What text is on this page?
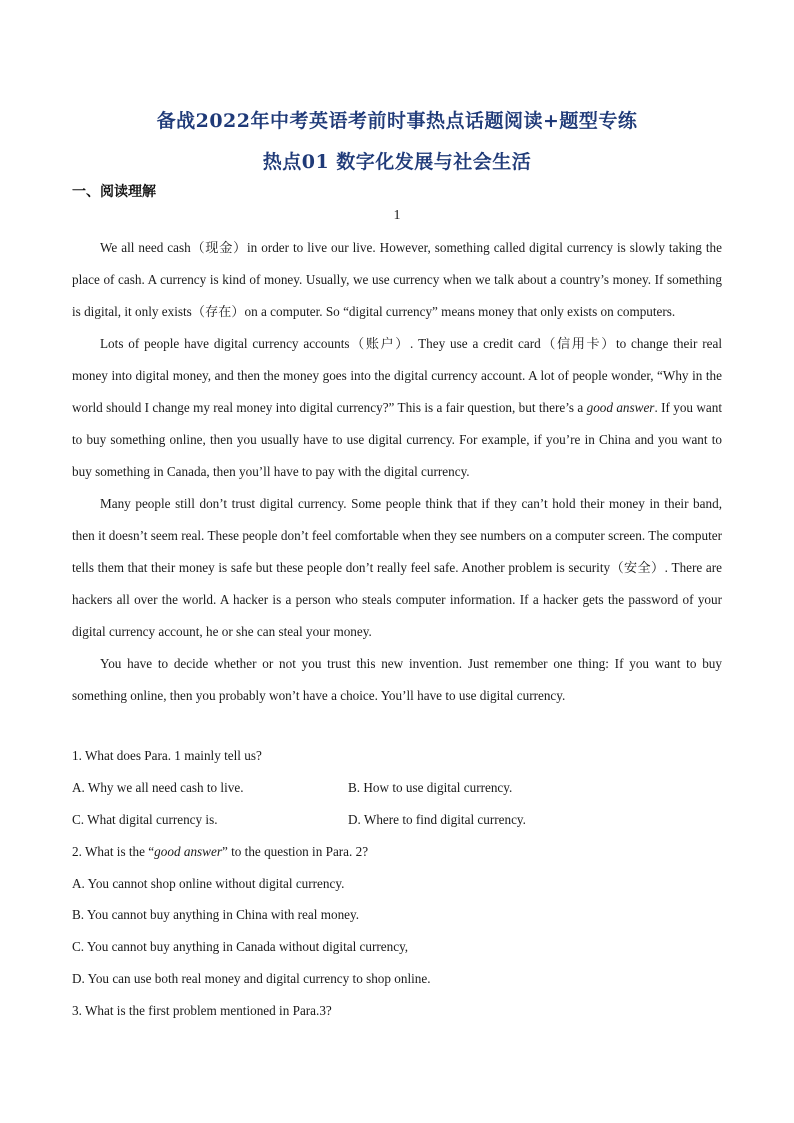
备战2022年中考英语考前时事热点话题阅读+题型专练
热点01 数字化发展与社会生活
一、阅读理解
1

We all need cash（现金）in order to live our live. However, something called digital currency is slowly taking the place of cash. A currency is kind of money. Usually, we use currency when we talk about a country’s money. If something is digital, it only exists（存在）on a computer. So “digital currency” means money that only exists on computers.

Lots of people have digital currency accounts（账户）. They use a credit card（信用卡）to change their real money into digital money, and then the money goes into the digital currency account. A lot of people wonder, “Why in the world should I change my real money into digital currency?” This is a fair question, but there’s a good answer. If you want to buy something online, then you usually have to use digital currency. For example, if you’re in China and you want to buy something in Canada, then you’ll have to pay with the digital currency.

Many people still don’t trust digital currency. Some people think that if they can’t hold their money in their band, then it doesn’t seem real. These people don’t feel comfortable when they see numbers on a computer screen. The computer tells them that their money is safe but these people don’t really feel safe. Another problem is security（安全）. There are hackers all over the world. A hacker is a person who steals computer information. If a hacker gets the password of your digital currency account, he or she can steal your money.

You have to decide whether or not you trust this new invention. Just remember one thing: If you want to buy something online, then you probably won’t have a choice. You’ll have to use digital currency.

1. What does Para. 1 mainly tell us?
A. Why we all need cash to live.	B. How to use digital currency.
C. What digital currency is.	D. Where to find digital currency.
2. What is the “good answer” to the question in Para. 2?
A. You cannot shop online without digital currency.
B. You cannot buy anything in China with real money.
C. You cannot buy anything in Canada without digital currency,
D. You can use both real money and digital currency to shop online.
3. What is the first problem mentioned in Para.3?
